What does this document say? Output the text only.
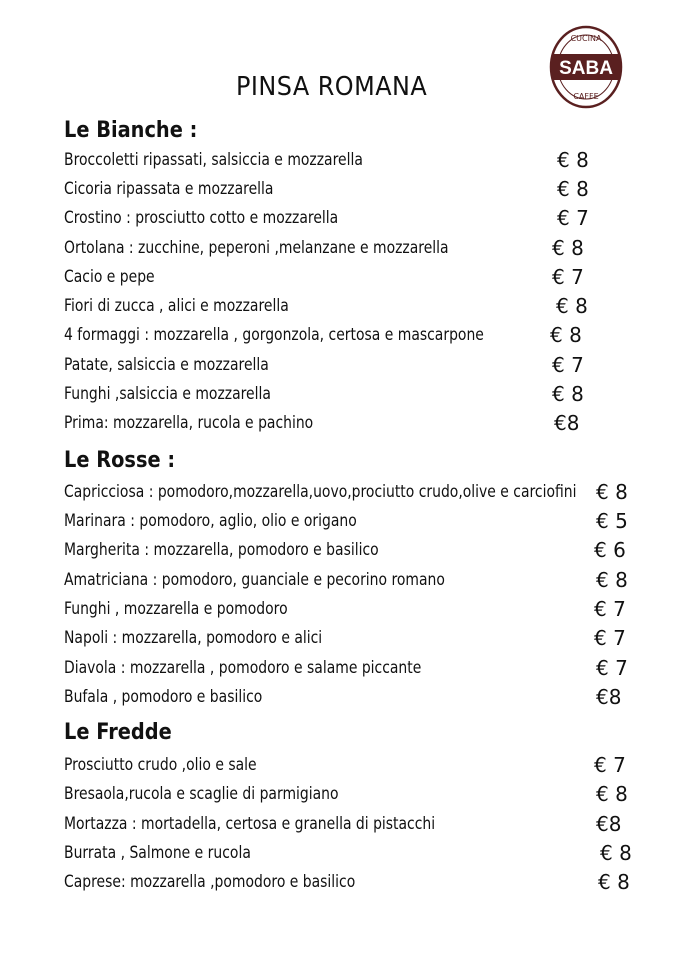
PINSA ROMANA
CUCINA
SABA
CAFFE
Le Bianche :
Broccoletti ripassati, salsiccia e mozzarella	€ 8
Cicoria ripassata e mozzarella	€ 8
Crostino : prosciutto cotto e mozzarella	€ 7
Ortolana : zucchine, peperoni ,melanzane e mozzarella	€ 8
Cacio e pepe	€ 7
Fiori di zucca , alici e mozzarella	€ 8
4 formaggi : mozzarella , gorgonzola, certosa e mascarpone	€ 8
Patate, salsiccia e mozzarella	€ 7
Funghi ,salsiccia e mozzarella	€ 8
Prima: mozzarella, rucola e pachino	€8
Le Rosse :
Capricciosa : pomodoro,mozzarella,uovo,prociutto crudo,olive e carciofini € 8
Marinara : pomodoro, aglio, olio e origano	€ 5
Margherita : mozzarella, pomodoro e basilico	€ 6
Amatriciana : pomodoro, guanciale e pecorino romano	€ 8
Funghi , mozzarella e pomodoro	€ 7
Napoli : mozzarella, pomodoro e alici	€ 7
Diavola : mozzarella , pomodoro e salame piccante	€ 7
Bufala , pomodoro e basilico	€8
Le Fredde
Prosciutto crudo ,olio e sale	€ 7
Bresaola,rucola e scaglie di parmigiano	€ 8
Mortazza : mortadella, certosa e granella di pistacchi	€8
Burrata , Salmone e rucola	€ 8
Caprese: mozzarella ,pomodoro e basilico	€ 8
